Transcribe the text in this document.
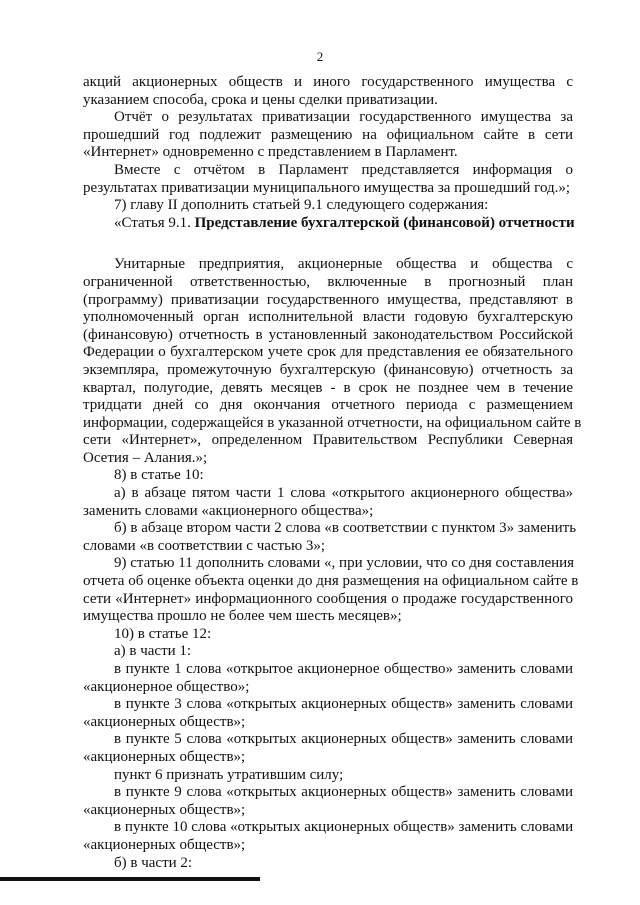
2
акций акционерных обществ и иного государственного имущества с
указанием способа, срока и цены сделки приватизации.
Отчёт о результатах приватизации государственного имущества за
прошедший год подлежит размещению на официальном сайте в сети
«Интернет» одновременно с представлением в Парламент.
Вместе с отчётом в Парламент представляется информация о
результатах приватизации муниципального имущества за прошедший год.»;
7) главу II дополнить статьей 9.1 следующего содержания:
«Статья 9.1. Представление бухгалтерской (финансовой) отчетности
Унитарные предприятия, акционерные общества и общества с
ограниченной ответственностью, включенные в прогнозный план
(программу) приватизации государственного имущества, представляют в
уполномоченный орган исполнительной власти годовую бухгалтерскую
(финансовую) отчетность в установленный законодательством Российской
Федерации о бухгалтерском учете срок для представления ее обязательного
экземпляра, промежуточную бухгалтерскую (финансовую) отчетность за
квартал, полугодие, девять месяцев - в срок не позднее чем в течение
тридцати дней со дня окончания отчетного периода с размещением
информации, содержащейся в указанной отчетности, на официальном сайте в
сети «Интернет», определенном Правительством Республики Северная
Осетия – Алания.»;
8) в статье 10:
а) в абзаце пятом части 1 слова «открытого акционерного общества»
заменить словами «акционерного общества»;
б) в абзаце втором части 2 слова «в соответствии с пунктом 3» заменить
словами «в соответствии с частью 3»;
9) статью 11 дополнить словами «, при условии, что со дня составления
отчета об оценке объекта оценки до дня размещения на официальном сайте в
сети «Интернет» информационного сообщения о продаже государственного
имущества прошло не более чем шесть месяцев»;
10) в статье 12:
а) в части 1:
в пункте 1 слова «открытое акционерное общество» заменить словами
«акционерное общество»;
в пункте 3 слова «открытых акционерных обществ» заменить словами
«акционерных обществ»;
в пункте 5 слова «открытых акционерных обществ» заменить словами
«акционерных обществ»;
пункт 6 признать утратившим силу;
в пункте 9 слова «открытых акционерных обществ» заменить словами
«акционерных обществ»;
в пункте 10 слова «открытых акционерных обществ» заменить словами
«акционерных обществ»;
б) в части 2:
